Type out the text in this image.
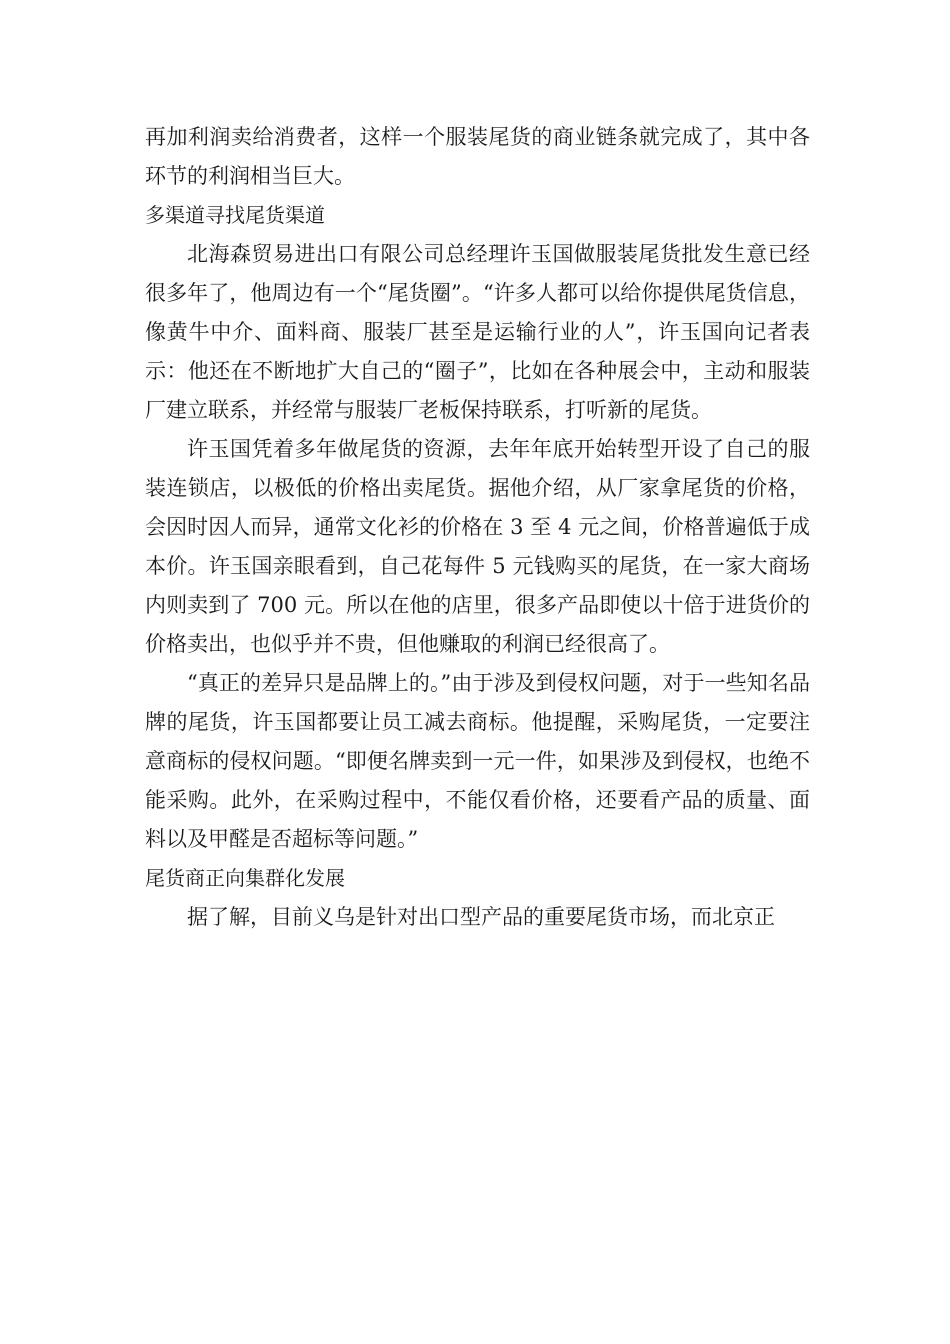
再加利润卖给消费者，这样一个服装尾货的商业链条就完成了，其中各环节的利润相当巨大。

多渠道寻找尾货渠道

北海森贸易进出口有限公司总经理许玉国做服装尾货批发生意已经很多年了，他周边有一个“尾货圈”。“许多人都可以给你提供尾货信息，像黄牛中介、面料商、服装厂甚至是运输行业的人”，许玉国向记者表示：他还在不断地扩大自己的“圈子”，比如在各种展会中，主动和服装厂建立联系，并经常与服装厂老板保持联系，打听新的尾货。

许玉国凭着多年做尾货的资源，去年年底开始转型开设了自己的服装连锁店，以极低的价格出卖尾货。据他介绍，从厂家拿尾货的价格，会因时因人而异，通常文化衫的价格在 3 至 4 元之间，价格普遍低于成本价。许玉国亲眼看到，自己花每件 5 元钱购买的尾货，在一家大商场内则卖到了 700 元。所以在他的店里，很多产品即使以十倍于进货价的价格卖出，也似乎并不贵，但他赚取的利润已经很高了。

“真正的差异只是品牌上的。”由于涉及到侵权问题，对于一些知名品牌的尾货，许玉国都要让员工减去商标。他提醒，采购尾货，一定要注意商标的侵权问题。“即便名牌卖到一元一件，如果涉及到侵权，也绝不能采购。此外，在采购过程中，不能仅看价格，还要看产品的质量、面料以及甲醛是否超标等问题。”

尾货商正向集群化发展

据了解，目前义乌是针对出口型产品的重要尾货市场，而北京正
